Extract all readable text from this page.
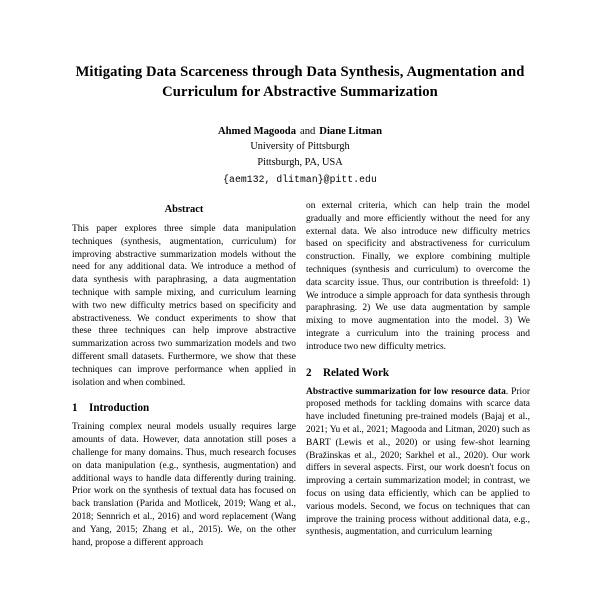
Mitigating Data Scarceness through Data Synthesis, Augmentation and Curriculum for Abstractive Summarization
Ahmed Magooda and Diane Litman
University of Pittsburgh
Pittsburgh, PA, USA
{aem132, dlitman}@pitt.edu
Abstract

This paper explores three simple data manipulation techniques (synthesis, augmentation, curriculum) for improving abstractive summarization models without the need for any additional data. We introduce a method of data synthesis with paraphrasing, a data augmentation technique with sample mixing, and curriculum learning with two new difficulty metrics based on specificity and abstractiveness. We conduct experiments to show that these three techniques can help improve abstractive summarization across two summarization models and two different small datasets. Furthermore, we show that these techniques can improve performance when applied in isolation and when combined.

1	Introduction

Training complex neural models usually requires large amounts of data. However, data annotation still poses a challenge for many domains. Thus, much research focuses on data manipulation (e.g., synthesis, augmentation) and additional ways to handle data differently during training. Prior work on the synthesis of textual data has focused on back translation (Parida and Motlicek, 2019; Wang et al., 2018; Sennrich et al., 2016) and word replacement (Wang and Yang, 2015; Zhang et al., 2015). We, on the other hand, propose a different approach

on external criteria, which can help train the model gradually and more efficiently without the need for any external data. We also introduce new difficulty metrics based on specificity and abstractiveness for curriculum construction. Finally, we explore combining multiple techniques (synthesis and curriculum) to overcome the data scarcity issue. Thus, our contribution is threefold: 1) We introduce a simple approach for data synthesis through paraphrasing. 2) We use data augmentation by sample mixing to move augmentation into the model. 3) We integrate a curriculum into the training process and introduce two new difficulty metrics.

2	Related Work

Abstractive summarization for low resource data. Prior proposed methods for tackling domains with scarce data have included finetuning pre-trained models (Bajaj et al., 2021; Yu et al., 2021; Magooda and Litman, 2020) such as BART (Lewis et al., 2020) or using few-shot learning (Bražinskas et al., 2020; Sarkhel et al., 2020). Our work differs in several aspects. First, our work doesn't focus on improving a certain summarization model; in contrast, we focus on using data efficiently, which can be applied to various models. Second, we focus on techniques that can improve the training process without additional data, e.g., synthesis, augmentation, and curriculum learning
